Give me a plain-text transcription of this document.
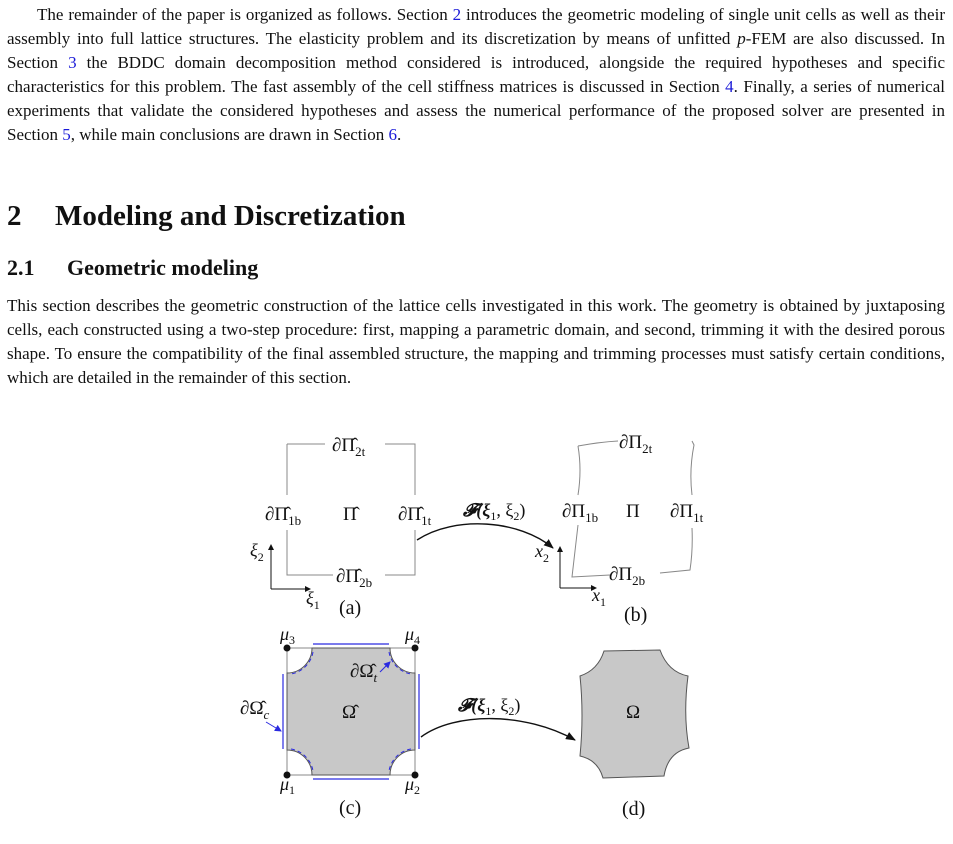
The remainder of the paper is organized as follows. Section 2 introduces the geometric modeling of single unit cells as well as their assembly into full lattice structures. The elasticity problem and its discretization by means of unfitted p-FEM are also discussed. In Section 3 the BDDC domain decomposition method considered is introduced, alongside the required hypotheses and specific characteristics for this problem. The fast assembly of the cell stiffness matrices is discussed in Section 4. Finally, a series of numerical experiments that validate the considered hypotheses and assess the numerical performance of the proposed solver are presented in Section 5, while main conclusions are drawn in Section 6.

2 Modeling and Discretization
2.1 Geometric modeling

This section describes the geometric construction of the lattice cells investigated in this work. The geometry is obtained by juxtaposing cells, each constructed using a two-step procedure: first, mapping a parametric domain, and second, trimming it with the desired porous shape. To ensure the compatibility of the final assembled structure, the mapping and trimming processes must satisfy certain conditions, which are detailed in the remainder of this section.

$\partial\Pî_{2t}$
$\partial\Pî_{1b}$ Π̂ $\partial\Pî_{1t}$
$\partial\Pî_{2b}$
$\xi_2$
$\xi_1$ (a)
$𝓕(\xi_1$, $\xi_2$)
$\partial\Pi_{2t}$
$\partial\Pi_{1b}$ Π $\partial\Pi_{1t}$
$\partial\Pi_{2b}$
$x_2$
$x_1$
(b)
$\mu_3$	$\mu_4$
$\mu_1$	$\mu_2$
$\partial\Omegâ_t$
$\partial\Omegâ_c$	Ω̂
(c)
$𝓕(\xi_1$, $\xi_2$)	Ω
(d)
